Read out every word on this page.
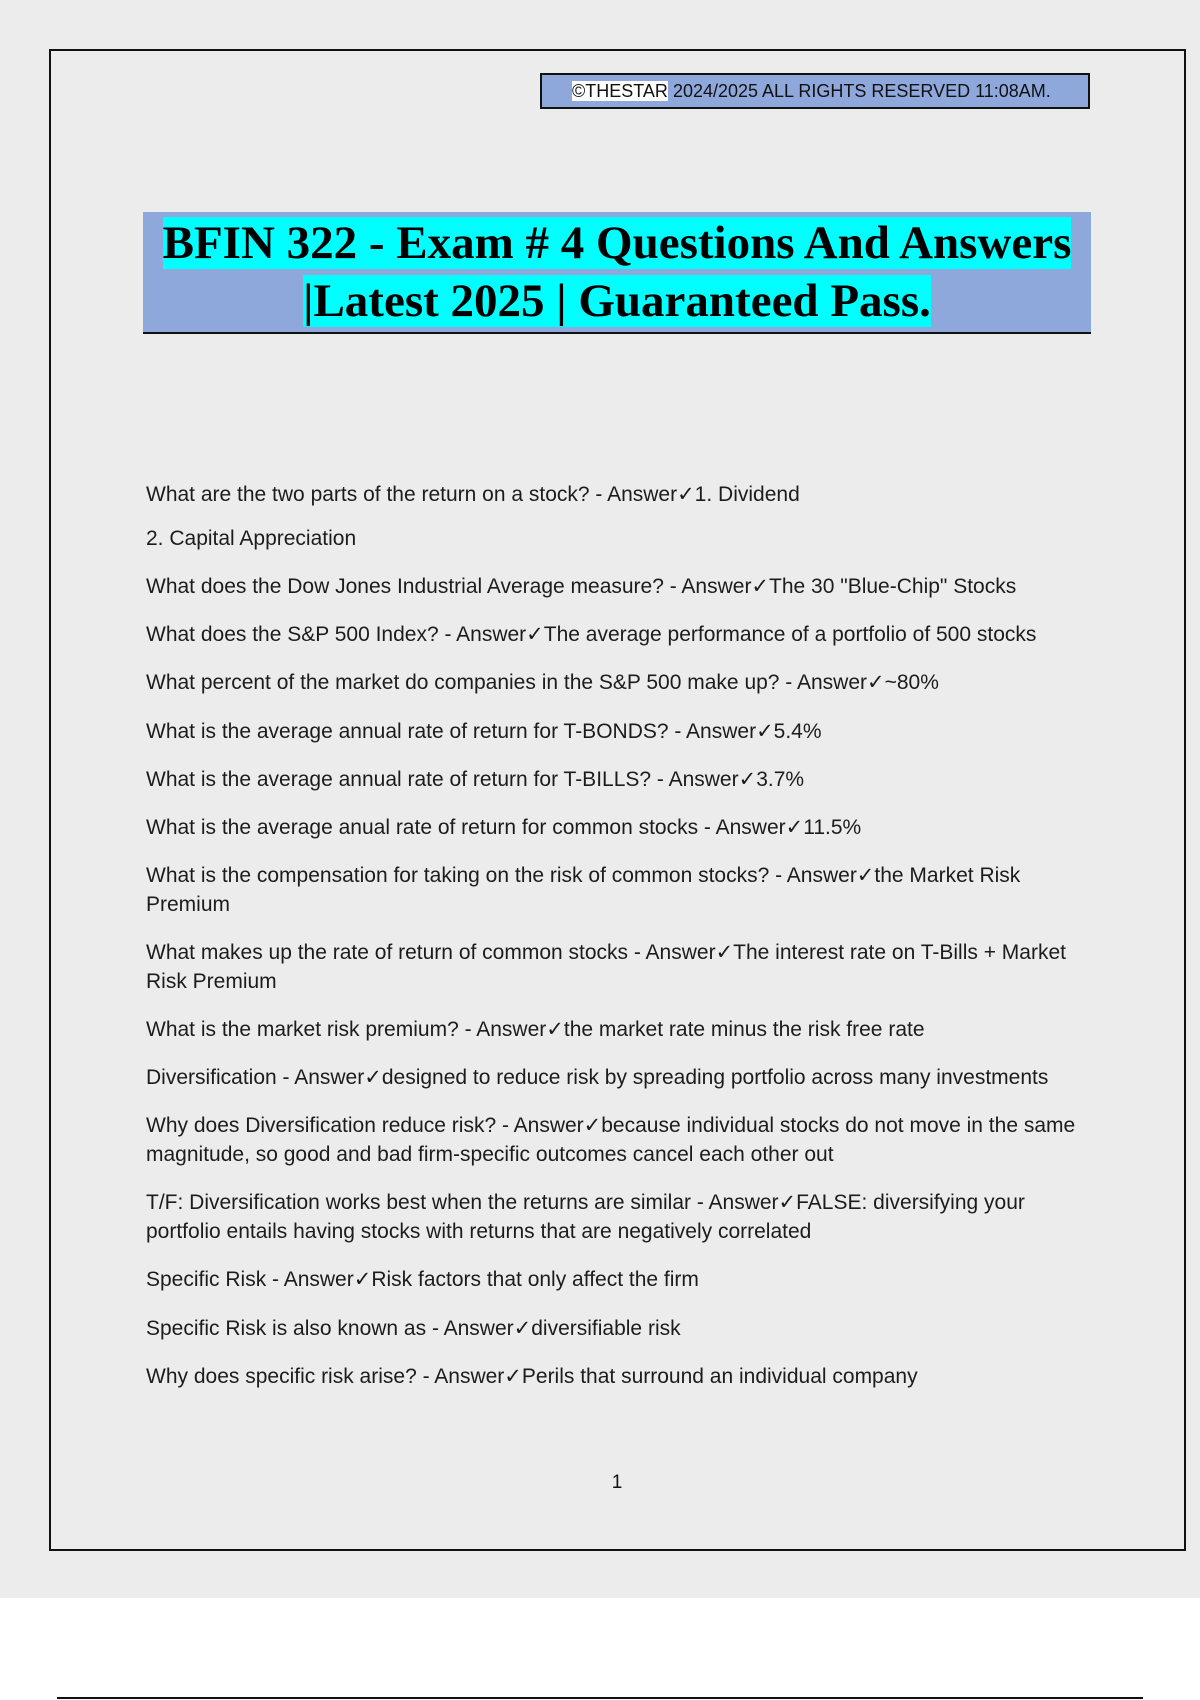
©THESTAR 2024/2025 ALL RIGHTS RESERVED 11:08AM.
BFIN 322 - Exam # 4 Questions And Answers
|Latest 2025 | Guaranteed Pass.
What are the two parts of the return on a stock? - Answer✓1. Dividend
2. Capital Appreciation
What does the Dow Jones Industrial Average measure? - Answer✓The 30 "Blue-Chip" Stocks
What does the S&P 500 Index? - Answer✓The average performance of a portfolio of 500 stocks
What percent of the market do companies in the S&P 500 make up? - Answer✓~80%
What is the average annual rate of return for T-BONDS? - Answer✓5.4%
What is the average annual rate of return for T-BILLS? - Answer✓3.7%
What is the average anual rate of return for common stocks - Answer✓11.5%
What is the compensation for taking on the risk of common stocks? - Answer✓the Market Risk Premium
What makes up the rate of return of common stocks - Answer✓The interest rate on T-Bills + Market Risk Premium
What is the market risk premium? - Answer✓the market rate minus the risk free rate
Diversification - Answer✓designed to reduce risk by spreading portfolio across many investments
Why does Diversification reduce risk? - Answer✓because individual stocks do not move in the same magnitude, so good and bad firm-specific outcomes cancel each other out
T/F: Diversification works best when the returns are similar - Answer✓FALSE: diversifying your portfolio entails having stocks with returns that are negatively correlated
Specific Risk - Answer✓Risk factors that only affect the firm
Specific Risk is also known as - Answer✓diversifiable risk
Why does specific risk arise? - Answer✓Perils that surround an individual company
1
